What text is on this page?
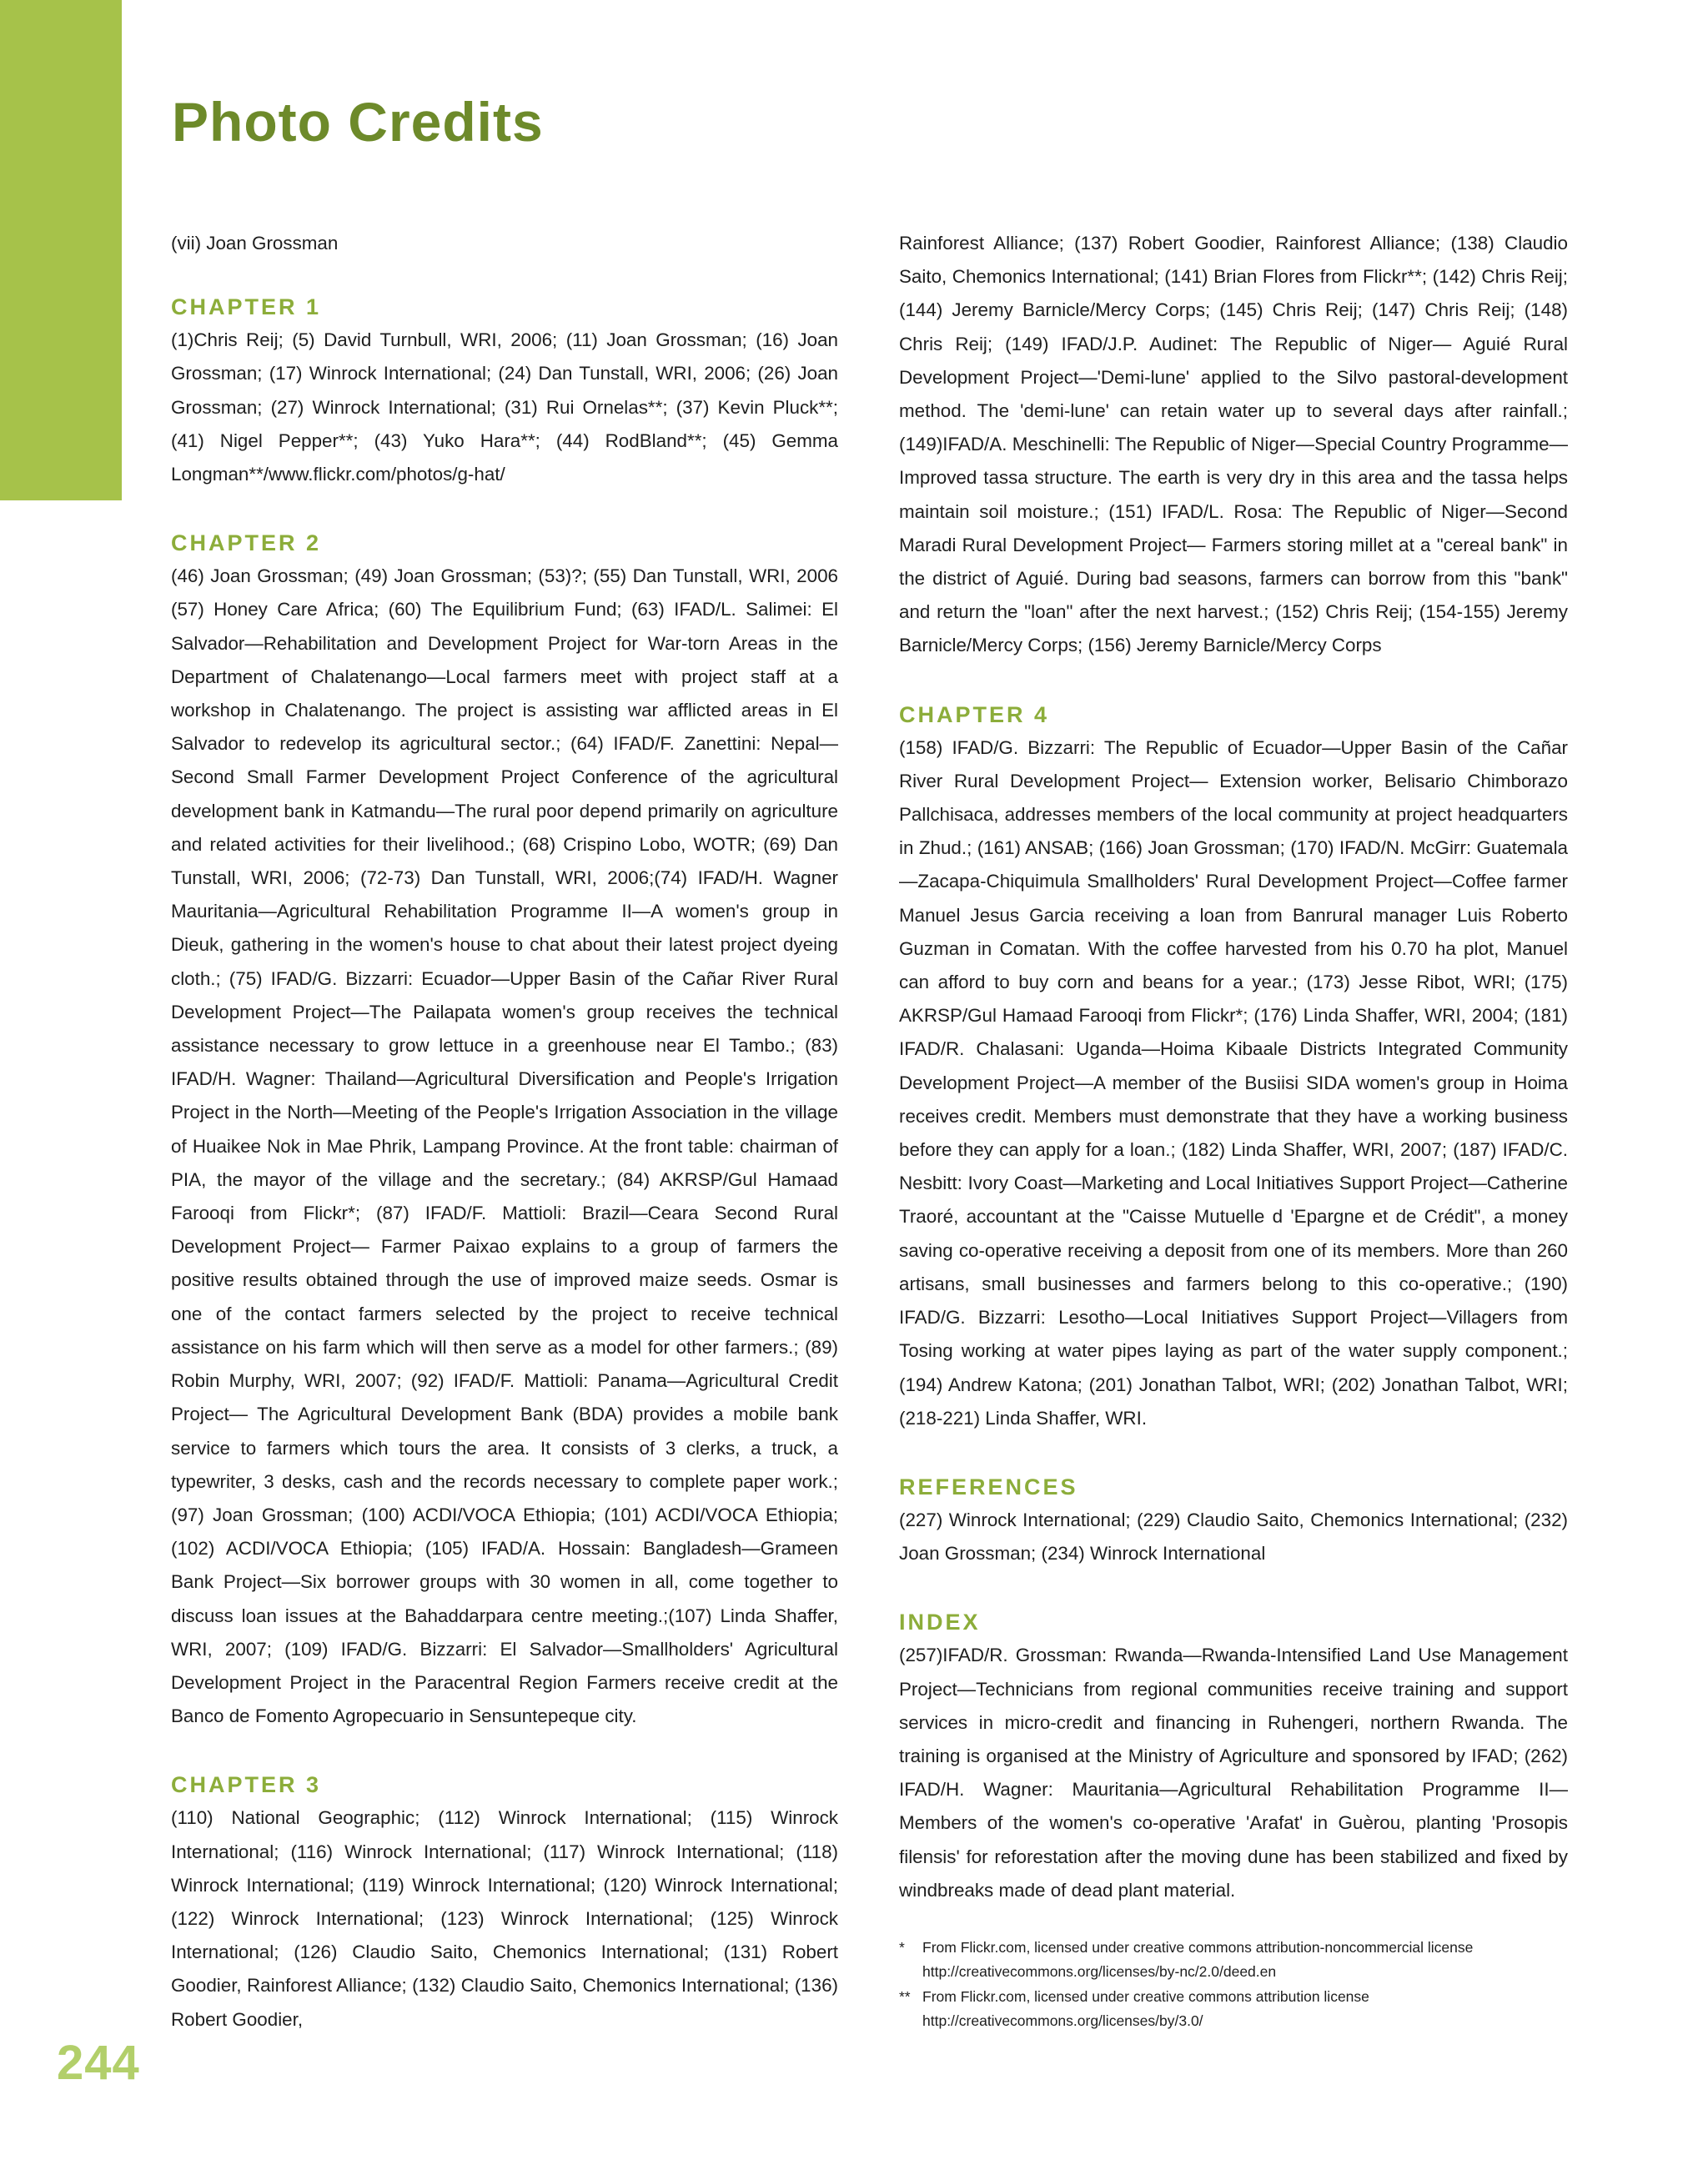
Photo Credits

(vii) Joan Grossman

CHAPTER 1

(1)Chris Reij; (5) David Turnbull, WRI, 2006; (11) Joan Grossman; (16) Joan Grossman; (17) Winrock International; (24) Dan Tunstall, WRI, 2006; (26) Joan Grossman; (27) Winrock International; (31) Rui Ornelas**; (37) Kevin Pluck**; (41) Nigel Pepper**; (43) Yuko Hara**; (44) RodBland**; (45) Gemma Longman**/www.flickr.com/photos/g-hat/

CHAPTER 2

(46) Joan Grossman; (49) Joan Grossman; (53)?; (55) Dan Tunstall, WRI, 2006 (57) Honey Care Africa; (60) The Equilibrium Fund; (63) IFAD/L. Salimei: El Salvador—Rehabilitation and Development Project for War-torn Areas in the Department of Chalatenango—Local farmers meet with project staff at a workshop in Chalatenango. The project is assisting war afflicted areas in El Salvador to redevelop its agricultural sector.; (64) IFAD/F. Zanettini: Nepal—Second Small Farmer Development Project Conference of the agricultural development bank in Katmandu—The rural poor depend primarily on agriculture and related activities for their livelihood.; (68) Crispino Lobo, WOTR; (69) Dan Tunstall, WRI, 2006; (72-73) Dan Tunstall, WRI, 2006;(74) IFAD/H. Wagner Mauritania—Agricultural Rehabilitation Programme II—A women's group in Dieuk, gathering in the women's house to chat about their latest project dyeing cloth.; (75) IFAD/G. Bizzarri: Ecuador—Upper Basin of the Cañar River Rural Development Project—The Pailapata women's group receives the technical assistance necessary to grow lettuce in a greenhouse near El Tambo.; (83) IFAD/H. Wagner: Thailand—Agricultural Diversification and People's Irrigation Project in the North—Meeting of the People's Irrigation Association in the village of Huaikee Nok in Mae Phrik, Lampang Province. At the front table: chairman of PIA, the mayor of the village and the secretary.; (84) AKRSP/Gul Hamaad Farooqi from Flickr*; (87) IFAD/F. Mattioli: Brazil—Ceara Second Rural Development Project— Farmer Paixao explains to a group of farmers the positive results obtained through the use of improved maize seeds. Osmar is one of the contact farmers selected by the project to receive technical assistance on his farm which will then serve as a model for other farmers.; (89) Robin Murphy, WRI, 2007; (92) IFAD/F. Mattioli: Panama—Agricultural Credit Project— The Agricultural Development Bank (BDA) provides a mobile bank service to farmers which tours the area. It consists of 3 clerks, a truck, a typewriter, 3 desks, cash and the records necessary to complete paper work.; (97) Joan Grossman; (100) ACDI/VOCA Ethiopia; (101) ACDI/VOCA Ethiopia; (102) ACDI/VOCA Ethiopia; (105) IFAD/A. Hossain: Bangladesh—Grameen Bank Project—Six borrower groups with 30 women in all, come together to discuss loan issues at the Bahaddarpara centre meeting.;(107) Linda Shaffer, WRI, 2007; (109) IFAD/G. Bizzarri: El Salvador—Smallholders' Agricultural Development Project in the Paracentral Region Farmers receive credit at the Banco de Fomento Agropecuario in Sensuntepeque city.

CHAPTER 3

(110) National Geographic; (112) Winrock International; (115) Winrock International; (116) Winrock International; (117) Winrock International; (118) Winrock International; (119) Winrock International; (120) Winrock International; (122) Winrock International; (123) Winrock International; (125) Winrock International; (126) Claudio Saito, Chemonics International; (131) Robert Goodier, Rainforest Alliance; (132) Claudio Saito, Chemonics International; (136) Robert Goodier,

Rainforest Alliance; (137) Robert Goodier, Rainforest Alliance; (138) Claudio Saito, Chemonics International; (141) Brian Flores from Flickr**; (142) Chris Reij; (144) Jeremy Barnicle/Mercy Corps; (145) Chris Reij; (147) Chris Reij; (148) Chris Reij; (149) IFAD/J.P. Audinet: The Republic of Niger— Aguié Rural Development Project—'Demi-lune' applied to the Silvo pastoral-development method. The 'demi-lune' can retain water up to several days after rainfall.; (149)IFAD/A. Meschinelli: The Republic of Niger—Special Country Programme— Improved tassa structure. The earth is very dry in this area and the tassa helps maintain soil moisture.; (151) IFAD/L. Rosa: The Republic of Niger—Second Maradi Rural Development Project— Farmers storing millet at a "cereal bank" in the district of Aguié. During bad seasons, farmers can borrow from this "bank" and return the "loan" after the next harvest.; (152) Chris Reij; (154-155) Jeremy Barnicle/Mercy Corps; (156) Jeremy Barnicle/Mercy Corps

CHAPTER 4

(158) IFAD/G. Bizzarri: The Republic of Ecuador—Upper Basin of the Cañar River Rural Development Project— Extension worker, Belisario Chimborazo Pallchisaca, addresses members of the local community at project headquarters in Zhud.; (161) ANSAB; (166) Joan Grossman; (170) IFAD/N. McGirr: Guatemala—Zacapa-Chiquimula Smallholders' Rural Development Project—Coffee farmer Manuel Jesus Garcia receiving a loan from Banrural manager Luis Roberto Guzman in Comatan. With the coffee harvested from his 0.70 ha plot, Manuel can afford to buy corn and beans for a year.; (173) Jesse Ribot, WRI; (175) AKRSP/Gul Hamaad Farooqi from Flickr*; (176) Linda Shaffer, WRI, 2004; (181) IFAD/R. Chalasani: Uganda—Hoima Kibaale Districts Integrated Community Development Project—A member of the Busiisi SIDA women's group in Hoima receives credit. Members must demonstrate that they have a working business before they can apply for a loan.; (182) Linda Shaffer, WRI, 2007; (187) IFAD/C. Nesbitt: Ivory Coast—Marketing and Local Initiatives Support Project—Catherine Traoré, accountant at the "Caisse Mutuelle d 'Epargne et de Crédit", a money saving co-operative receiving a deposit from one of its members. More than 260 artisans, small businesses and farmers belong to this co-operative.; (190) IFAD/G. Bizzarri: Lesotho—Local Initiatives Support Project—Villagers from Tosing working at water pipes laying as part of the water supply component.; (194) Andrew Katona; (201) Jonathan Talbot, WRI; (202) Jonathan Talbot, WRI; (218-221) Linda Shaffer, WRI.

REFERENCES

(227) Winrock International; (229) Claudio Saito, Chemonics International; (232) Joan Grossman; (234) Winrock International

INDEX

(257)IFAD/R. Grossman: Rwanda—Rwanda-Intensified Land Use Management Project—Technicians from regional communities receive training and support services in micro-credit and financing in Ruhengeri, northern Rwanda. The training is organised at the Ministry of Agriculture and sponsored by IFAD; (262) IFAD/H. Wagner: Mauritania—Agricultural Rehabilitation Programme II—Members of the women's co-operative 'Arafat' in Guèrou, planting 'Prosopis filensis' for reforestation after the moving dune has been stabilized and fixed by windbreaks made of dead plant material.

*	From Flickr.com, licensed under creative commons attribution-noncommercial license
http://creativecommons.org/licenses/by-nc/2.0/deed.en
** From Flickr.com, licensed under creative commons attribution license
http://creativecommons.org/licenses/by/3.0/
244
